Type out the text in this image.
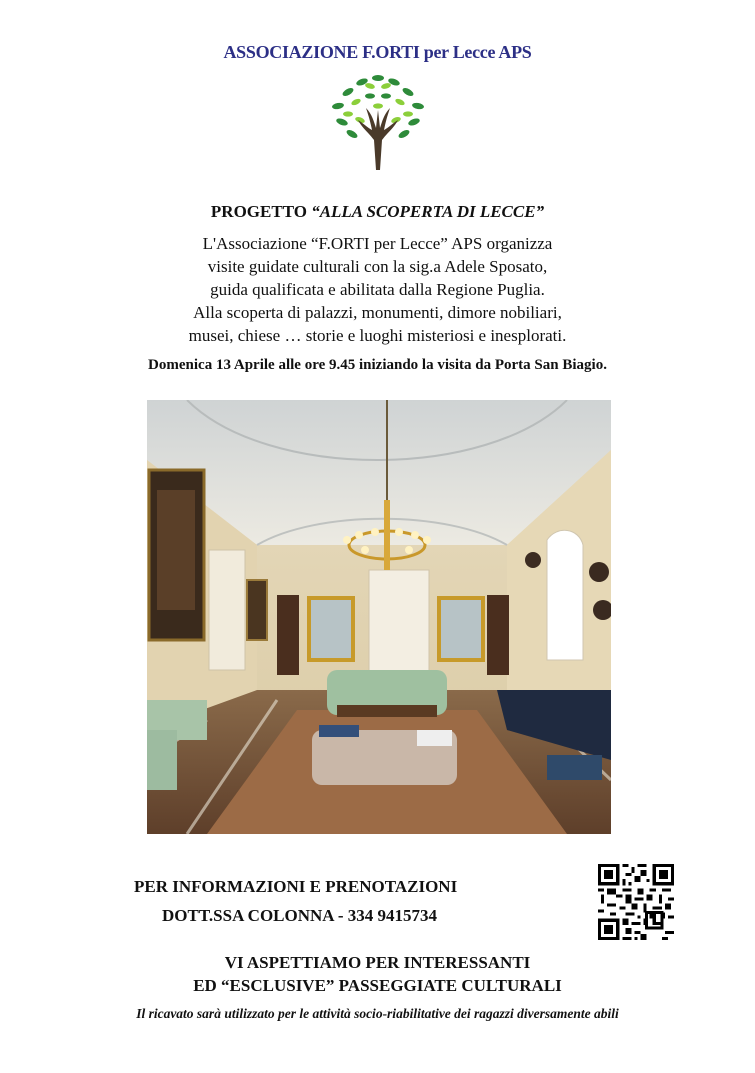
ASSOCIAZIONE F.ORTI per Lecce APS
PROGETTO “ALLA SCOPERTA DI LECCE”
L'Associazione “F.ORTI per Lecce” APS organizza
visite guidate culturali con la sig.a Adele Sposato,
guida qualificata e abilitata dalla Regione Puglia.
Alla scoperta di palazzi, monumenti, dimore nobiliari,
musei, chiese … storie e luoghi misteriosi e inesplorati.
Domenica 13 Aprile alle ore 9.45 iniziando la visita da Porta San Biagio.
PER INFORMAZIONI E PRENOTAZIONI
DOTT.SSA COLONNA - 334 9415734
VI ASPETTIAMO PER INTERESSANTI
ED “ESCLUSIVE” PASSEGGIATE CULTURALI
Il ricavato sarà utilizzato per le attività socio-riabilitative dei ragazzi diversamente abili
